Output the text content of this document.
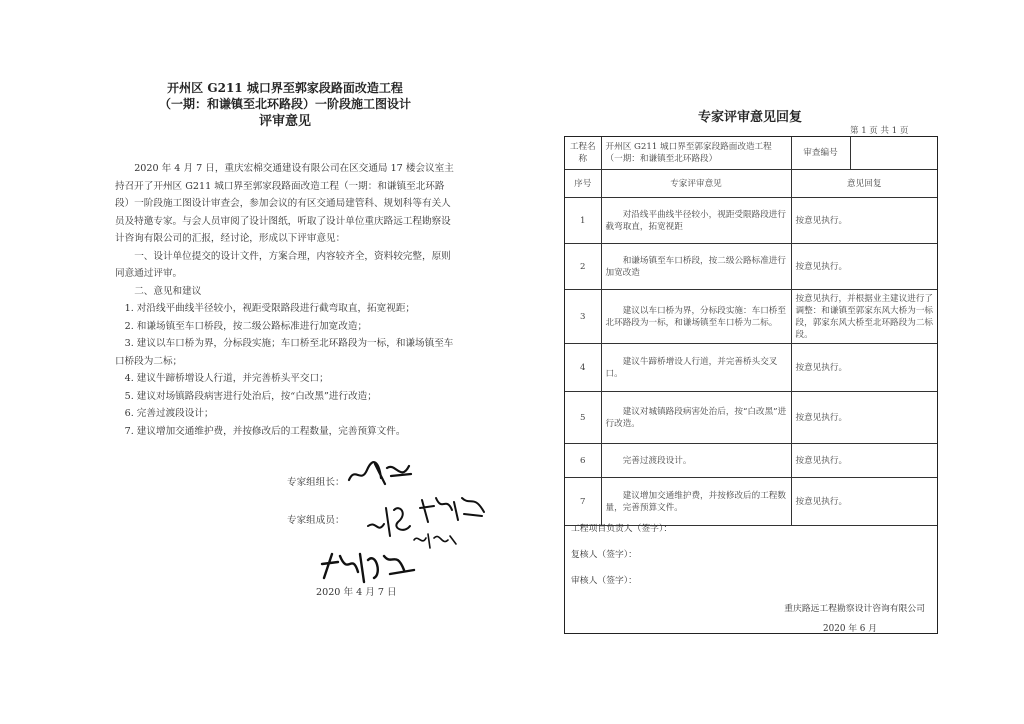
开州区 G211 城口界至郭家段路面改造工程
（一期：和谦镇至北环路段）一阶段施工图设计
评审意见

2020 年 4 月 7 日，重庆宏棉交通建设有限公司在区交通局 17 楼会议室主持召开了开州区 G211 城口界至郭家段路面改造工程（一期：和谦镇至北环路段）一阶段施工图设计审查会，参加会议的有区交通局建管科、规划科等有关人员及特邀专家。与会人员审阅了设计图纸，听取了设计单位重庆路远工程勘察设计咨询有限公司的汇报，经讨论，形成以下评审意见：

一、设计单位提交的设计文件，方案合理，内容较齐全，资料较完整，原则同意通过评审。

二、意见和建议

1. 对沿线平曲线半径较小，视距受限路段进行截弯取直，拓宽视距；

2. 和谦场镇至车口桥段，按二级公路标准进行加宽改造；

3. 建议以车口桥为界，分标段实施；车口桥至北环路段为一标，和谦场镇至车口桥段为二标；

4. 建议牛蹄桥增设人行道，并完善桥头平交口；

5. 建议对场镇路段病害进行处治后，按“白改黑”进行改造；

6. 完善过渡段设计；

7. 建议增加交通维护费，并按修改后的工程数量，完善预算文件。

专家组组长：
专家组成员：
2020 年 4 月 7 日
专家评审意见回复
第 1 页 共 1 页
工程名称	开州区 G211 城口界至郭家段路面改造工程（一期：和谦镇至北环路段）	
审查编号	

序号	专家评审意见	意见回复
1	对沿线平曲线半径较小，视距受限路段进行截弯取直，拓宽视距	按意见执行。
2	和谦场镇至车口桥段，按二级公路标准进行加宽改造	按意见执行。
3	建议以车口桥为界，分标段实施：车口桥至北环路段为一标，和谦场镇至车口桥为二标。	按意见执行，并根据业主建议进行了调整：和谦镇至郭家东风大桥为一标段，郭家东风大桥至北环路段为二标段。
4	建议牛蹄桥增设人行道，并完善桥头交叉口。	按意见执行。
5	建议对城镇路段病害处治后，按“白改黑”进行改造。	按意见执行。
6	完善过渡段设计。	按意见执行。
7	建议增加交通维护费，并按修改后的工程数量，完善预算文件。	按意见执行。
工程项目负责人（签字）：
复核人（签字）：
审核人（签字）：
重庆路远工程勘察设计咨询有限公司
2020 年 6 月
